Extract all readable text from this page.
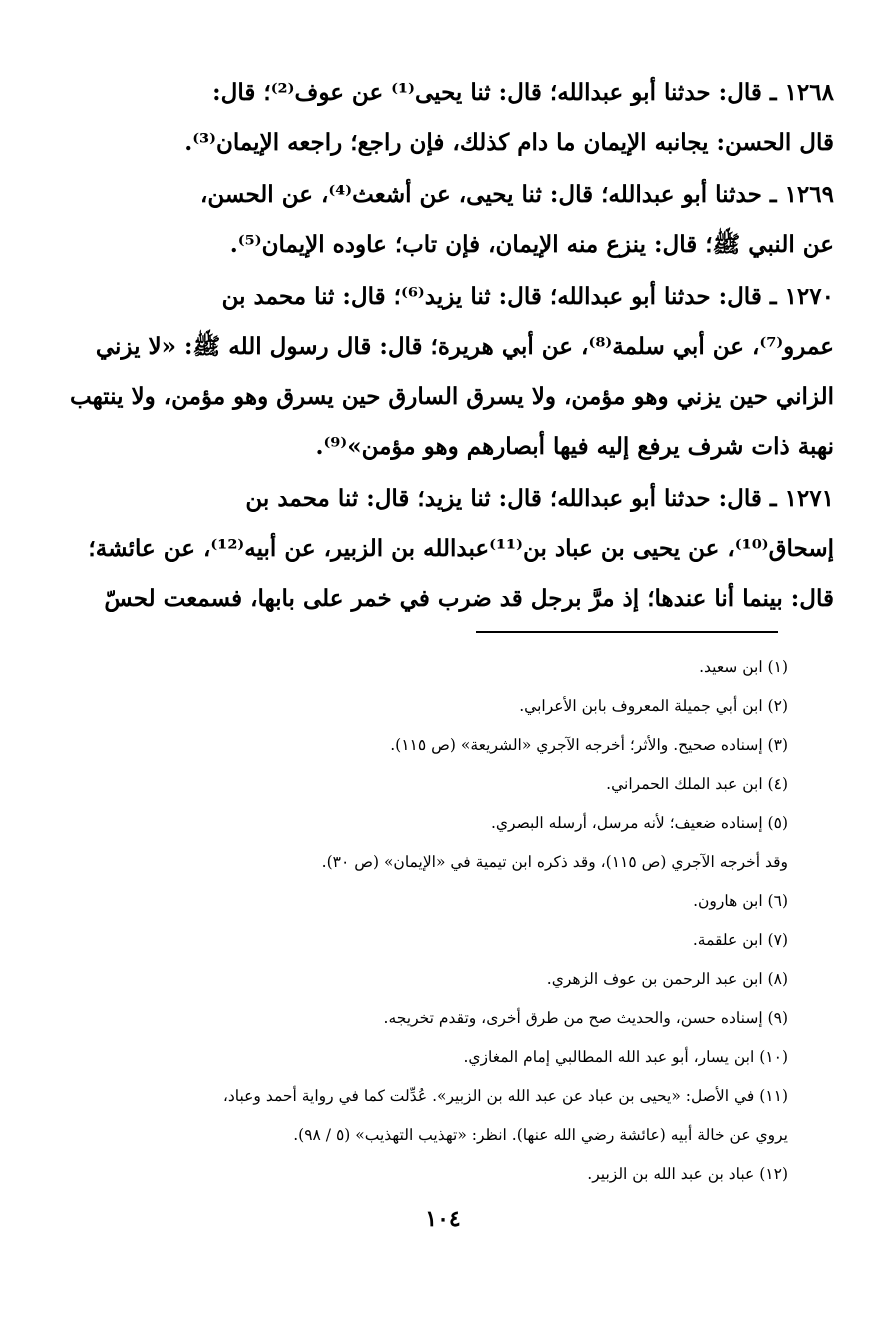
١٢٦٨ ـ قال: حدثنا أبو عبدالله؛ قال: ثنا يحيى⁽¹⁾ عن عوف⁽²⁾؛ قال:
قال الحسن: يجانبه الإيمان ما دام كذلك، فإن راجع؛ راجعه الإيمان⁽³⁾.
١٢٦٩ ـ حدثنا أبو عبدالله؛ قال: ثنا يحيى، عن أشعث⁽⁴⁾، عن الحسن،
عن النبي ﷺ؛ قال: ينزع منه الإيمان، فإن تاب؛ عاوده الإيمان⁽⁵⁾.
١٢٧٠ ـ قال: حدثنا أبو عبدالله؛ قال: ثنا يزيد⁽⁶⁾؛ قال: ثنا محمد بن
عمرو⁽⁷⁾، عن أبي سلمة⁽⁸⁾، عن أبي هريرة؛ قال: قال رسول الله ﷺ: «لا يزني
الزاني حين يزني وهو مؤمن، ولا يسرق السارق حين يسرق وهو مؤمن، ولا ينتهب
نهبة ذات شرف يرفع إليه فيها أبصارهم وهو مؤمن»⁽⁹⁾.
١٢٧١ ـ قال: حدثنا أبو عبدالله؛ قال: ثنا يزيد؛ قال: ثنا محمد بن
إسحاق⁽¹⁰⁾، عن يحيى بن عباد بن⁽¹¹⁾عبدالله بن الزبير، عن أبيه⁽¹²⁾، عن عائشة؛
قال: بينما أنا عندها؛ إذ مرَّ برجل قد ضرب في خمر على بابها، فسمعت لحسّ
(١) ابن سعيد.
(٢) ابن أبي جميلة المعروف بابن الأعرابي.
(٣) إسناده صحيح. والأثر؛ أخرجه الآجري «الشريعة» (ص ١١٥).
(٤) ابن عبد الملك الحمراني.
(٥) إسناده ضعيف؛ لأنه مرسل، أرسله البصري.
وقد أخرجه الآجري (ص ١١٥)، وقد ذكره ابن تيمية في «الإيمان» (ص ٣٠).
(٦) ابن هارون.
(٧) ابن علقمة.
(٨) ابن عبد الرحمن بن عوف الزهري.
(٩) إسناده حسن، والحديث صح من طرق أخرى، وتقدم تخريجه.
(١٠) ابن يسار، أبو عبد الله المطالبي إمام المغازي.
(١١) في الأصل: «يحيى بن عباد عن عبد الله بن الزبير». عُدِّلت كما في رواية أحمد وعباد،
يروي عن خالة أبيه (عائشة رضي الله عنها). انظر: «تهذيب التهذيب» (٥ / ٩٨).
(١٢) عباد بن عبد الله بن الزبير.
١٠٤
